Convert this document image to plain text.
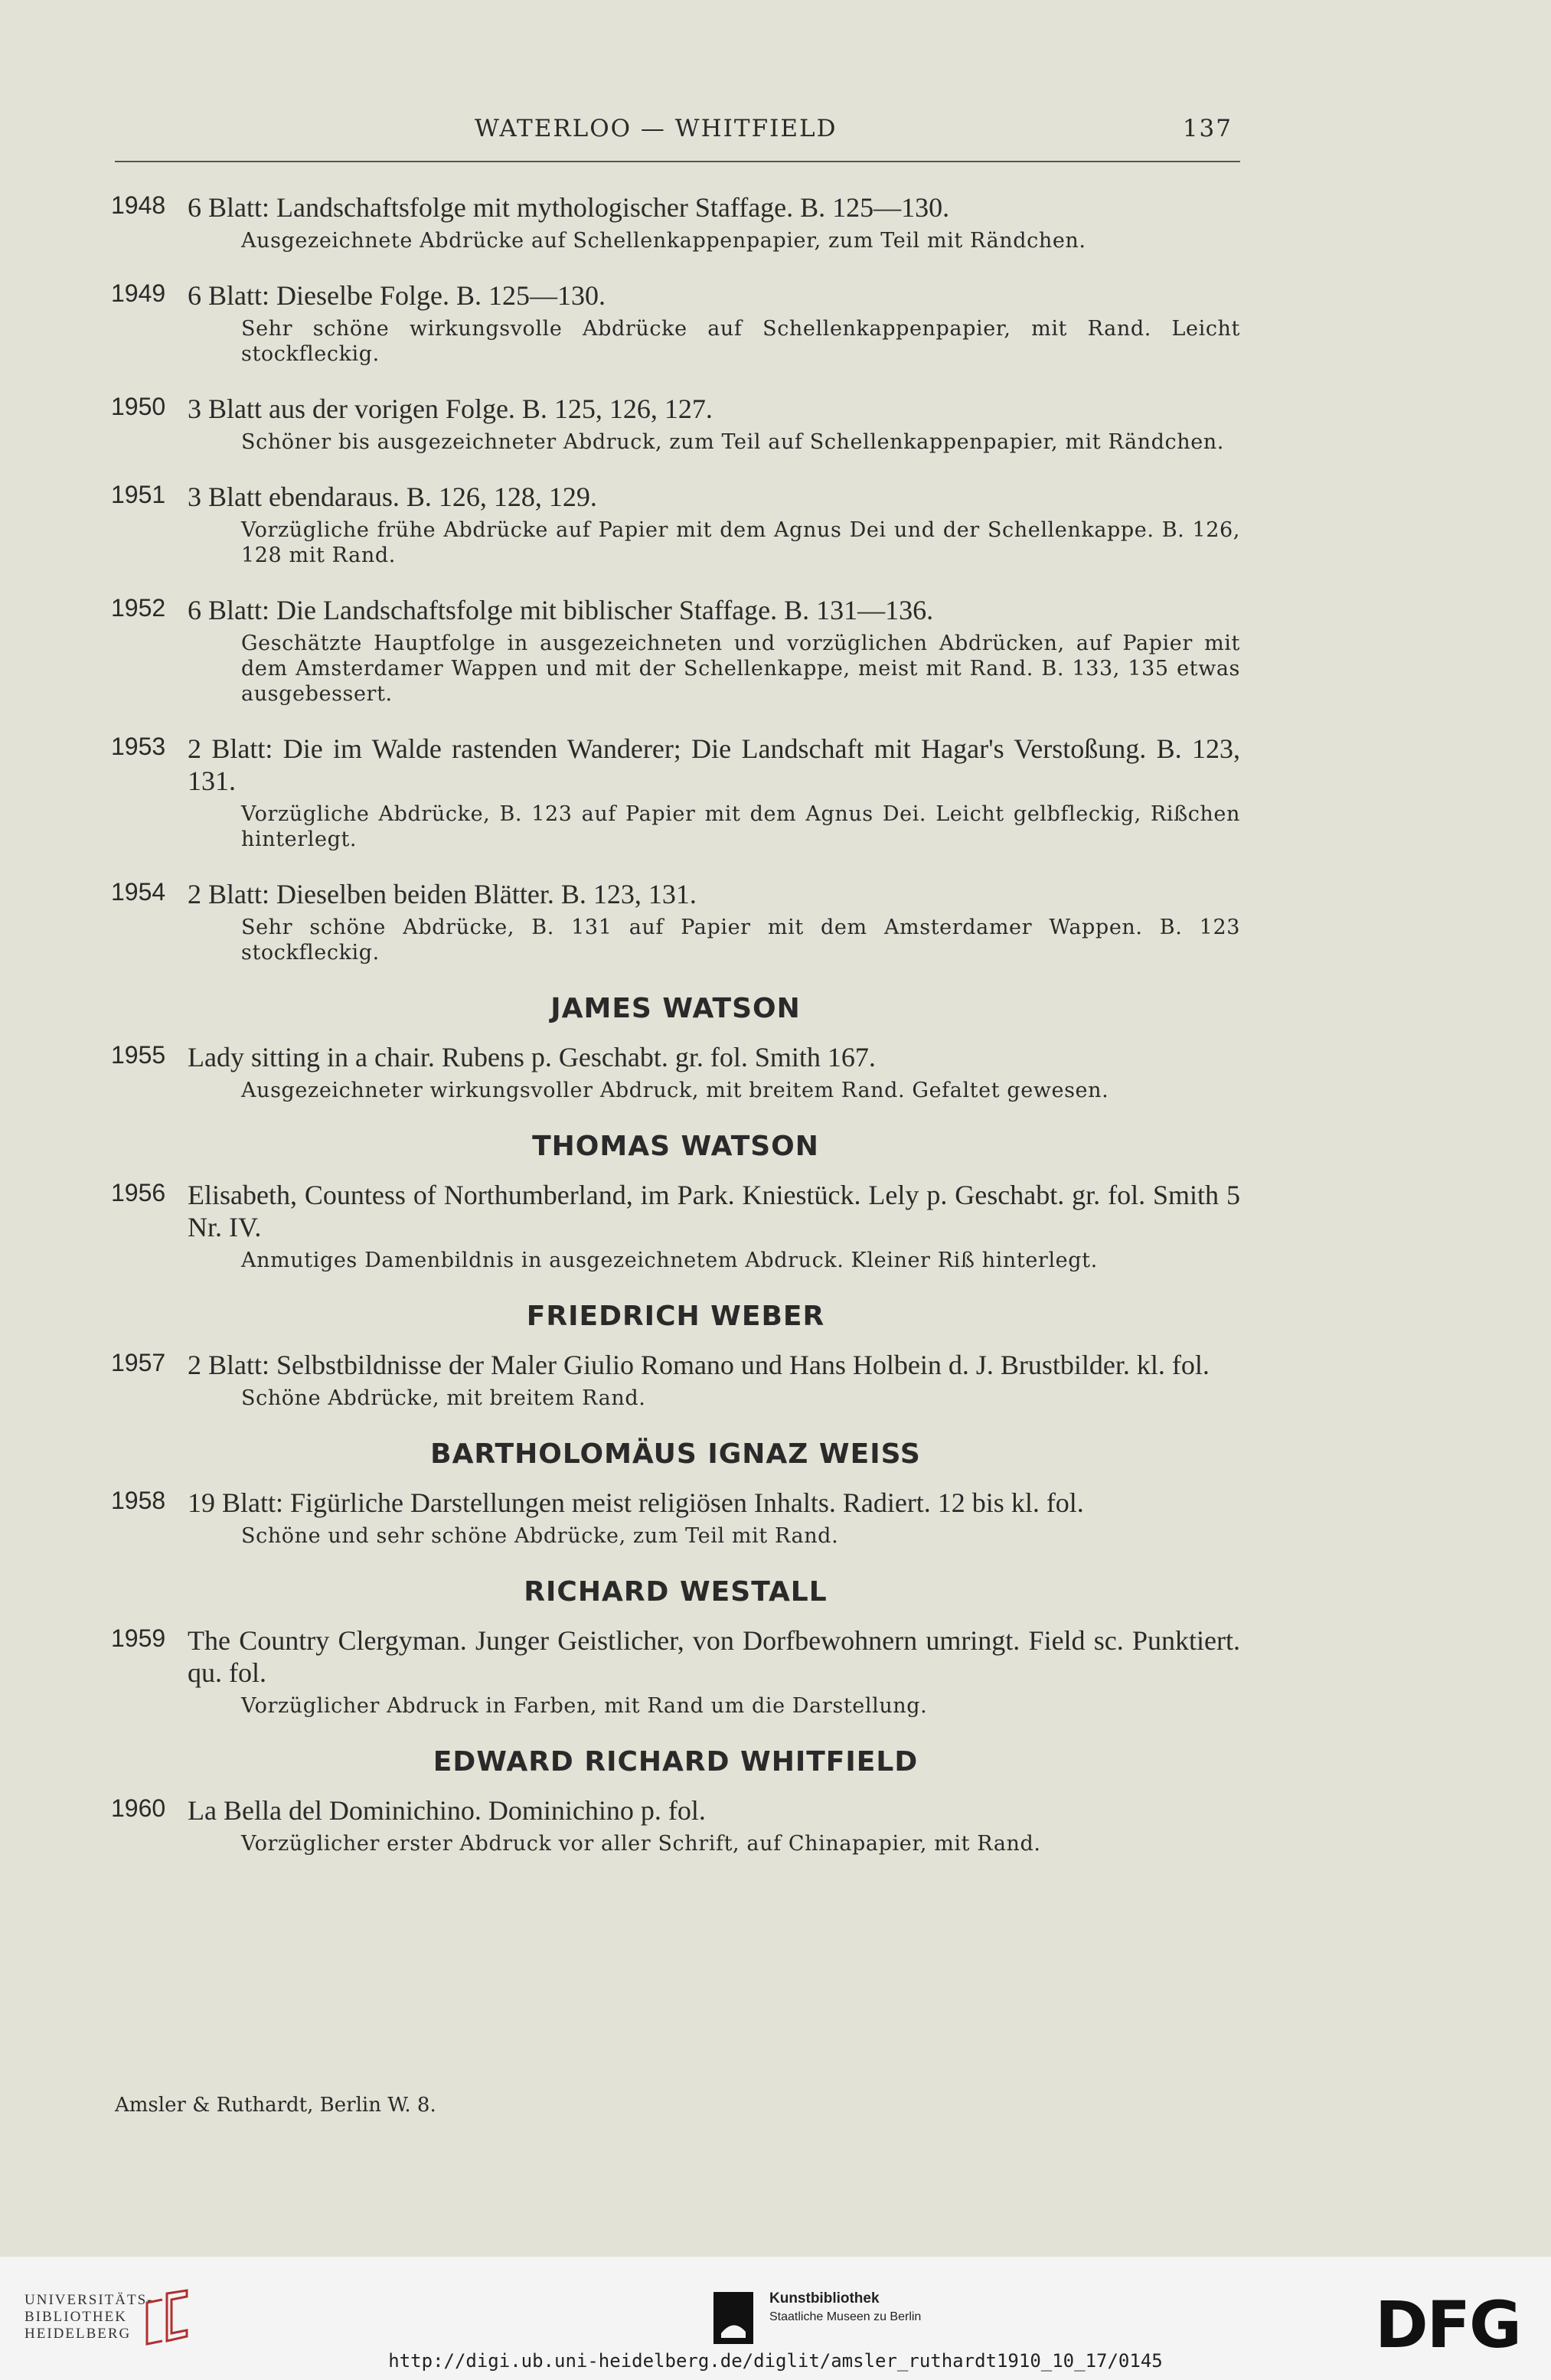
WATERLOO — WHITFIELD	137
1948 6 Blatt: Landschaftsfolge mit mythologischer Staffage. B. 125—130.
Ausgezeichnete Abdrücke auf Schellenkappenpapier, zum Teil mit Rändchen.
1949 6 Blatt: Dieselbe Folge. B. 125—130.
Sehr schöne wirkungsvolle Abdrücke auf Schellenkappenpapier, mit Rand. Leicht stockfleckig.
1950 3 Blatt aus der vorigen Folge. B. 125, 126, 127.
Schöner bis ausgezeichneter Abdruck, zum Teil auf Schellenkappenpapier, mit Rändchen.
1951 3 Blatt ebendaraus. B. 126, 128, 129.
Vorzügliche frühe Abdrücke auf Papier mit dem Agnus Dei und der Schellenkappe. B. 126, 128 mit Rand.
1952 6 Blatt: Die Landschaftsfolge mit biblischer Staffage. B. 131—136.
Geschätzte Hauptfolge in ausgezeichneten und vorzüglichen Abdrücken, auf Papier mit dem Amsterdamer Wappen und mit der Schellenkappe, meist mit Rand. B. 133, 135 etwas ausgebessert.
1953 2 Blatt: Die im Walde rastenden Wanderer; Die Landschaft mit Hagar's Verstoßung. B. 123, 131.
Vorzügliche Abdrücke, B. 123 auf Papier mit dem Agnus Dei. Leicht gelbfleckig, Rißchen hinterlegt.
1954 2 Blatt: Dieselben beiden Blätter. B. 123, 131.
Sehr schöne Abdrücke, B. 131 auf Papier mit dem Amsterdamer Wappen. B. 123 stockfleckig.
JAMES WATSON
1955 Lady sitting in a chair. Rubens p. Geschabt. gr. fol. Smith 167.
Ausgezeichneter wirkungsvoller Abdruck, mit breitem Rand. Gefaltet gewesen.
THOMAS WATSON
1956 Elisabeth, Countess of Northumberland, im Park. Kniestück. Lely p. Geschabt. gr. fol. Smith 5 Nr. IV.
Anmutiges Damenbildnis in ausgezeichnetem Abdruck. Kleiner Riß hinterlegt.
FRIEDRICH WEBER
1957 2 Blatt: Selbstbildnisse der Maler Giulio Romano und Hans Holbein d. J. Brustbilder. kl. fol.
Schöne Abdrücke, mit breitem Rand.
BARTHOLOMÄUS IGNAZ WEISS
1958 19 Blatt: Figürliche Darstellungen meist religiösen Inhalts. Radiert. 12 bis kl. fol.
Schöne und sehr schöne Abdrücke, zum Teil mit Rand.
RICHARD WESTALL
1959 The Country Clergyman. Junger Geistlicher, von Dorfbewohnern umringt. Field sc. Punktiert. qu. fol.
Vorzüglicher Abdruck in Farben, mit Rand um die Darstellung.
EDWARD RICHARD WHITFIELD
1960 La Bella del Dominichino. Dominichino p. fol.
Vorzüglicher erster Abdruck vor aller Schrift, auf Chinapapier, mit Rand.
Amsler & Ruthardt, Berlin W. 8.
UNIVERSITÄTS-
BIBLIOTHEK
HEIDELBERG
Kunstbibliothek
Staatliche Museen zu Berlin	DFG
http://digi.ub.uni-heidelberg.de/diglit/amsler_ruthardt1910_10_17/0145
